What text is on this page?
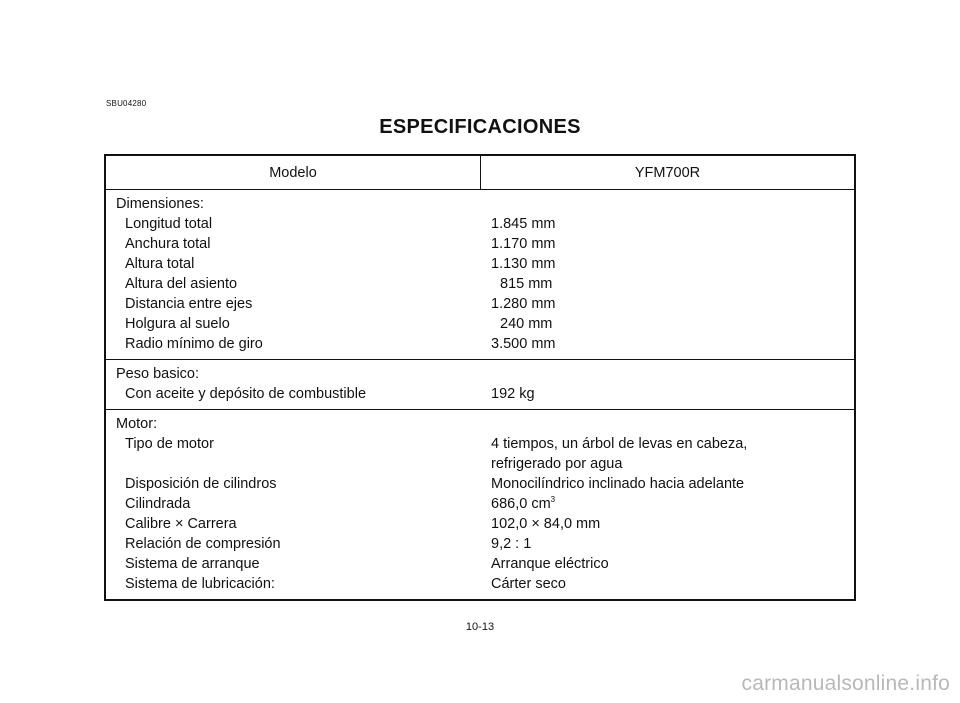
SBU04280
ESPECIFICACIONES
Modelo	YFM700R
Dimensiones:
Longitud total
Anchura total
Altura total
Altura del asiento
Distancia entre ejes
Holgura al suelo
Radio mínimo de giro
1.845 mm
1.170 mm
1.130 mm
815 mm
1.280 mm
240 mm
3.500 mm
Peso basico:
Con aceite y depósito de combustible	192 kg
Motor:
Tipo de motor
Disposición de cilindros
Cilindrada
Calibre × Carrera
Relación de compresión
Sistema de arranque
Sistema de lubricación:
4 tiempos, un árbol de levas en cabeza,
refrigerado por agua
Monocilíndrico inclinado hacia adelante
686,0 $cm^3$
102,0 × 84,0 mm
9,2 : 1
Arranque eléctrico
Cárter seco
10-13
carmanualsonline.info
